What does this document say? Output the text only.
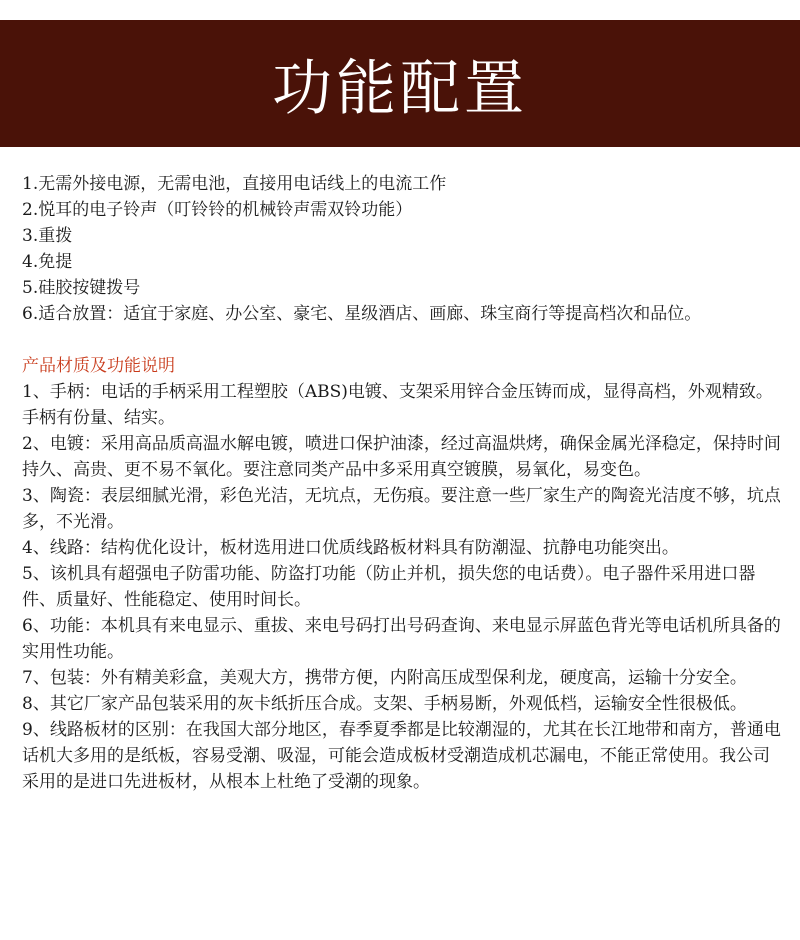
功能配置
1.无需外接电源，无需电池，直接用电话线上的电流工作
2.悦耳的电子铃声（叮铃铃的机械铃声需双铃功能）
3.重拨
4.免提
5.硅胶按键拨号
6.适合放置：适宜于家庭、办公室、豪宅、星级酒店、画廊、珠宝商行等提高档次和品位。
产品材质及功能说明
1、手柄：电话的手柄采用工程塑胶（ABS)电镀、支架采用锌合金压铸而成，显得高档，外观精致。手柄有份量、结实。
2、电镀：采用高品质高温水解电镀，喷进口保护油漆，经过高温烘烤，确保金属光泽稳定，保持时间持久、高贵、更不易不氧化。要注意同类产品中多采用真空镀膜，易氧化，易变色。
3、陶瓷：表层细腻光滑，彩色光洁，无坑点，无伤痕。要注意一些厂家生产的陶瓷光洁度不够，坑点多，不光滑。
4、线路：结构优化设计，板材选用进口优质线路板材料具有防潮湿、抗静电功能突出。
5、该机具有超强电子防雷功能、防盗打功能（防止并机，损失您的电话费）。电子器件采用进口器件、质量好、性能稳定、使用时间长。
6、功能：本机具有来电显示、重拔、来电号码打出号码查询、来电显示屏蓝色背光等电话机所具备的实用性功能。
7、包装：外有精美彩盒，美观大方，携带方便，内附高压成型保利龙，硬度高，运输十分安全。
8、其它厂家产品包装采用的灰卡纸折压合成。支架、手柄易断，外观低档，运输安全性很极低。
9、线路板材的区别：在我国大部分地区，春季夏季都是比较潮湿的，尤其在长江地带和南方，普通电话机大多用的是纸板，容易受潮、吸湿，可能会造成板材受潮造成机芯漏电，不能正常使用。我公司采用的是进口先进板材，从根本上杜绝了受潮的现象。
